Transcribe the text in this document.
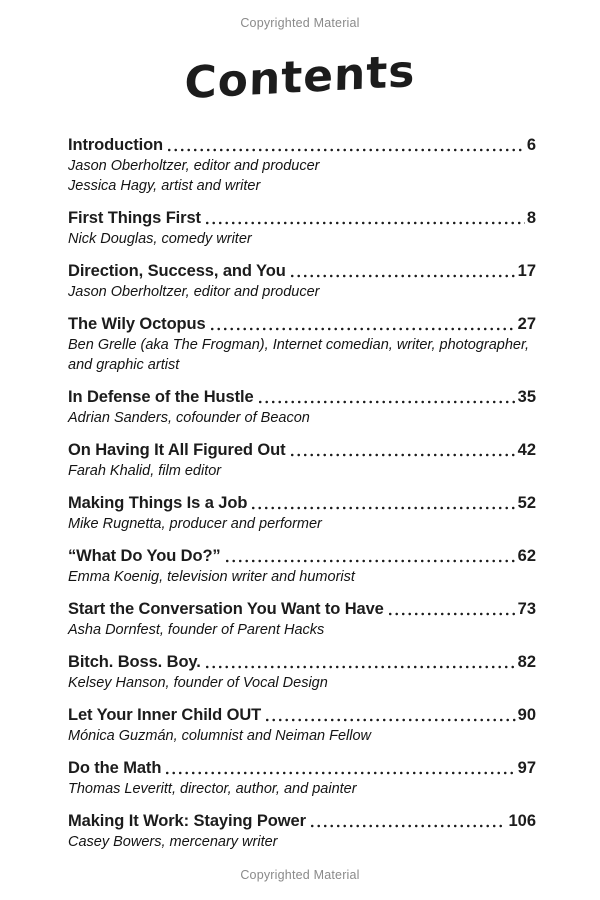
Copyrighted Material
Contents
Introduction	6
Jason Oberholtzer, editor and producer
Jessica Hagy, artist and writer
First Things First	8
Nick Douglas, comedy writer
Direction, Success, and You	17
Jason Oberholtzer, editor and producer
The Wily Octopus	27
Ben Grelle (aka The Frogman), Internet comedian, writer, photographer, and graphic artist
In Defense of the Hustle	35
Adrian Sanders, cofounder of Beacon
On Having It All Figured Out	42
Farah Khalid, film editor
Making Things Is a Job	52
Mike Rugnetta, producer and performer
“What Do You Do?”	62
Emma Koenig, television writer and humorist
Start the Conversation You Want to Have	73
Asha Dornfest, founder of Parent Hacks
Bitch. Boss. Boy.	82
Kelsey Hanson, founder of Vocal Design
Let Your Inner Child OUT	90
Mónica Guzmán, columnist and Neiman Fellow
Do the Math	97
Thomas Leveritt, director, author, and painter
Making It Work: Staying Power	106
Casey Bowers, mercenary writer
Copyrighted Material
